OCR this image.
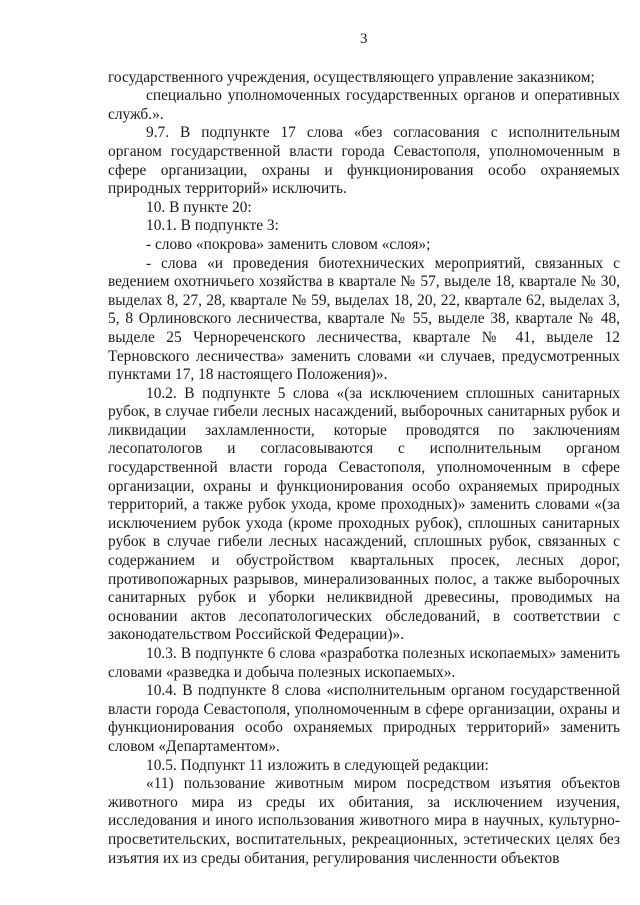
3

государственного учреждения, осуществляющего управление заказником;

специально уполномоченных государственных органов и оперативных служб.».

9.7. В подпункте 17 слова «без согласования с исполнительным органом государственной власти города Севастополя, уполномоченным в сфере организации, охраны и функционирования особо охраняемых природных территорий» исключить.

10. В пункте 20:

10.1. В подпункте 3:

- слово «покрова» заменить словом «слоя»;

- слова «и проведения биотехнических мероприятий, связанных с ведением охотничьего хозяйства в квартале № 57, выделе 18, квартале № 30, выделах 8, 27, 28, квартале № 59, выделах 18, 20, 22, квартале 62, выделах 3, 5, 8 Орлиновского лесничества, квартале № 55, выделе 38, квартале № 48, выделе 25 Чернореченского лесничества, квартале № 41, выделе 12 Терновского лесничества» заменить словами «и случаев, предусмотренных пунктами 17, 18 настоящего Положения)».

10.2. В подпункте 5 слова «(за исключением сплошных санитарных рубок, в случае гибели лесных насаждений, выборочных санитарных рубок и ликвидации захламленности, которые проводятся по заключениям лесопатологов и согласовываются с исполнительным органом государственной власти города Севастополя, уполномоченным в сфере организации, охраны и функционирования особо охраняемых природных территорий, а также рубок ухода, кроме проходных)» заменить словами «(за исключением рубок ухода (кроме проходных рубок), сплошных санитарных рубок в случае гибели лесных насаждений, сплошных рубок, связанных с содержанием и обустройством квартальных просек, лесных дорог, противопожарных разрывов, минерализованных полос, а также выборочных санитарных рубок и уборки неликвидной древесины, проводимых на основании актов лесопатологических обследований, в соответствии с законодательством Российской Федерации)».

10.3. В подпункте 6 слова «разработка полезных ископаемых» заменить словами «разведка и добыча полезных ископаемых».

10.4. В подпункте 8 слова «исполнительным органом государственной власти города Севастополя, уполномоченным в сфере организации, охраны и функционирования особо охраняемых природных территорий» заменить словом «Департаментом».

10.5. Подпункт 11 изложить в следующей редакции:

«11) пользование животным миром посредством изъятия объектов животного мира из среды их обитания, за исключением изучения, исследования и иного использования животного мира в научных, культурно-просветительских, воспитательных, рекреационных, эстетических целях без изъятия их из среды обитания, регулирования численности объектов
